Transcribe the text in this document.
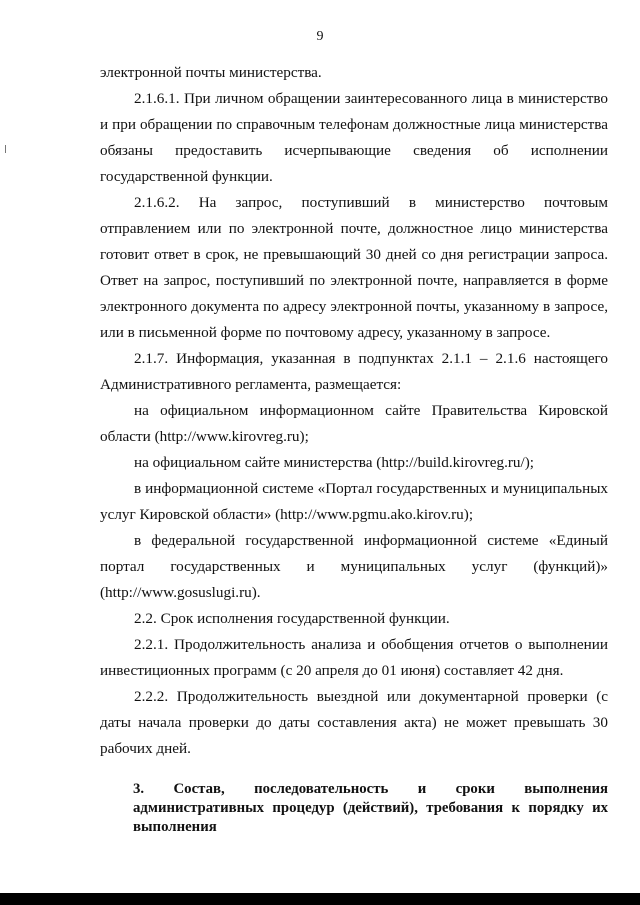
9

электронной почты министерства.

2.1.6.1. При личном обращении заинтересованного лица в министерство и при обращении по справочным телефонам должностные лица министерства обязаны предоставить исчерпывающие сведения об исполнении государственной функции.

2.1.6.2. На запрос, поступивший в министерство почтовым отправлением или по электронной почте, должностное лицо министерства готовит ответ в срок, не превышающий 30 дней со дня регистрации запроса. Ответ на запрос, поступивший по электронной почте, направляется в форме электронного документа по адресу электронной почты, указанному в запросе, или в письменной форме по почтовому адресу, указанному в запросе.

2.1.7. Информация, указанная в подпунктах 2.1.1 – 2.1.6 настоящего Административного регламента, размещается:

на официальном информационном сайте Правительства Кировской области (http://www.kirovreg.ru);

на официальном сайте министерства (http://build.kirovreg.ru/);

в информационной системе «Портал государственных и муниципальных услуг Кировской области» (http://www.pgmu.ako.kirov.ru);

в федеральной государственной информационной системе «Единый портал государственных и муниципальных услуг (функций)» (http://www.gosuslugi.ru).

2.2. Срок исполнения государственной функции.

2.2.1. Продолжительность анализа и обобщения отчетов о выполнении инвестиционных программ (с 20 апреля до 01 июня) составляет 42 дня.

2.2.2. Продолжительность выездной или документарной проверки (с даты начала проверки до даты составления акта) не может превышать 30 рабочих дней.

3. Состав, последовательность и сроки выполнения административных процедур (действий), требования к порядку их выполнения
